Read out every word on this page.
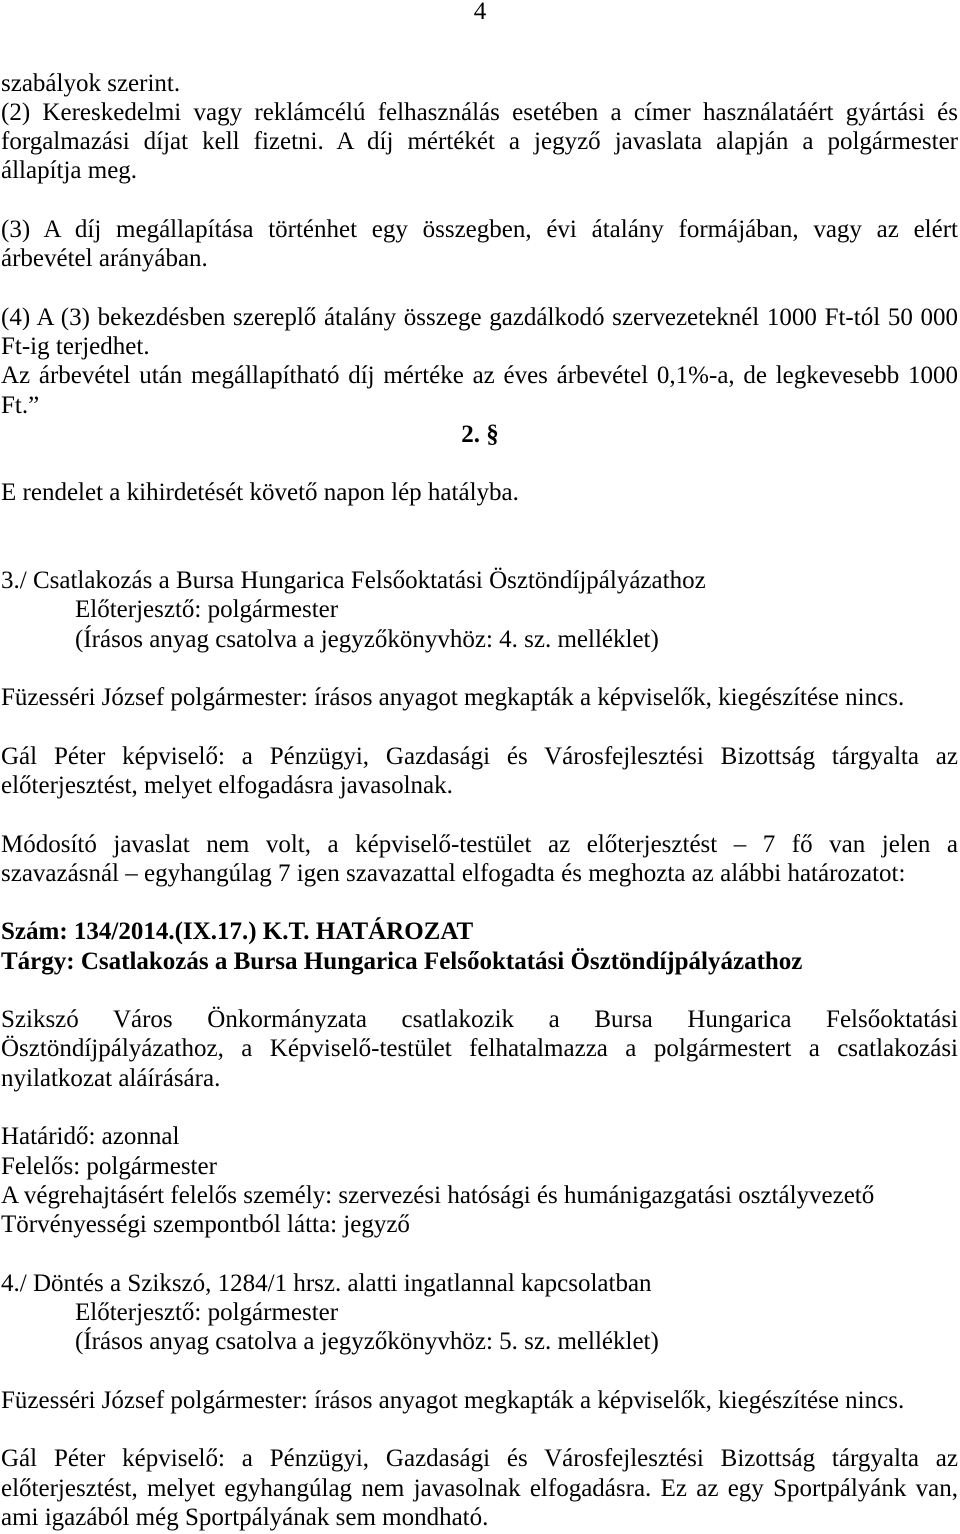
4
szabályok szerint.
(2) Kereskedelmi vagy reklámcélú felhasználás esetében a címer használatáért gyártási és
forgalmazási díjat kell fizetni. A díj mértékét a jegyző javaslata alapján a polgármester
állapítja meg.
(3) A díj megállapítása történhet egy összegben, évi átalány formájában, vagy az elért
árbevétel arányában.
(4) A (3) bekezdésben szereplő átalány összege gazdálkodó szervezeteknél 1000 Ft-tól 50 000
Ft-ig terjedhet.
Az árbevétel után megállapítható díj mértéke az éves árbevétel 0,1%-a, de legkevesebb 1000
Ft.”
2. §
E rendelet a kihirdetését követő napon lép hatályba.
3./ Csatlakozás a Bursa Hungarica Felsőoktatási Ösztöndíjpályázathoz
Előterjesztő: polgármester
(Írásos anyag csatolva a jegyzőkönyvhöz: 4. sz. melléklet)
Füzesséri József polgármester: írásos anyagot megkapták a képviselők, kiegészítése nincs.
Gál Péter képviselő: a Pénzügyi, Gazdasági és Városfejlesztési Bizottság tárgyalta az
előterjesztést, melyet elfogadásra javasolnak.
Módosító javaslat nem volt, a képviselő-testület az előterjesztést – 7 fő van jelen a
szavazásnál – egyhangúlag 7 igen szavazattal elfogadta és meghozta az alábbi határozatot:
Szám: 134/2014.(IX.17.) K.T. HATÁROZAT
Tárgy: Csatlakozás a Bursa Hungarica Felsőoktatási Ösztöndíjpályázathoz
Szikszó Város Önkormányzata csatlakozik a Bursa Hungarica Felsőoktatási
Ösztöndíjpályázathoz, a Képviselő-testület felhatalmazza a polgármestert a csatlakozási
nyilatkozat aláírására.
Határidő: azonnal
Felelős: polgármester
A végrehajtásért felelős személy: szervezési hatósági és humánigazgatási osztályvezető
Törvényességi szempontból látta: jegyző
4./ Döntés a Szikszó, 1284/1 hrsz. alatti ingatlannal kapcsolatban
Előterjesztő: polgármester
(Írásos anyag csatolva a jegyzőkönyvhöz: 5. sz. melléklet)
Füzesséri József polgármester: írásos anyagot megkapták a képviselők, kiegészítése nincs.
Gál Péter képviselő: a Pénzügyi, Gazdasági és Városfejlesztési Bizottság tárgyalta az
előterjesztést, melyet egyhangúlag nem javasolnak elfogadásra. Ez az egy Sportpályánk van,
ami igazából még Sportpályának sem mondható.
